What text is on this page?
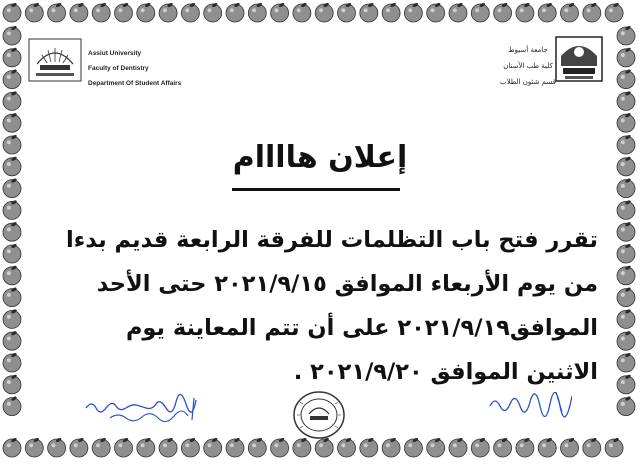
Assiut University
Faculty of Dentistry
Department Of Student Affairs
جامعة أسيوط
كلية طب الأسنان
قسم شئون الطلاب
إعلان هاااام
تقرر فتح باب التظلمات للفرقة الرابعة قديم بدءا
من يوم الأربعاء الموافق ٢٠٢١/٩/١٥ حتى الأحد
الموافق٢٠٢١/٩/١٩ على أن تتم المعاينة يوم
الاثنين الموافق ٢٠٢١/٩/٢٠ .
